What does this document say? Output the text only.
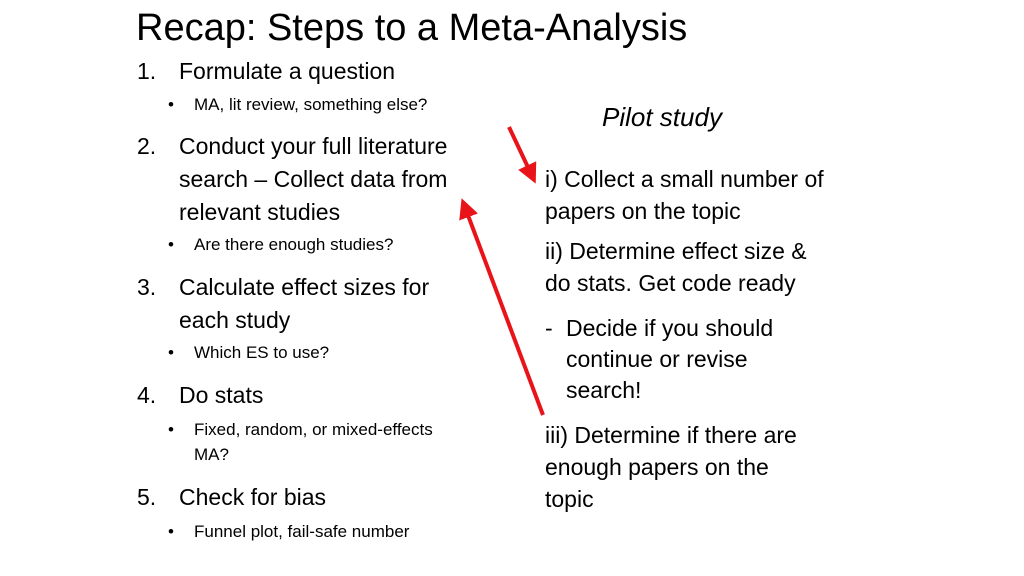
Recap: Steps to a Meta-Analysis
1. Formulate a question
• MA, lit review, something else?
2. Conduct your full literature
search – Collect data from
relevant studies
• Are there enough studies?
3. Calculate effect sizes for
each study
• Which ES to use?
4. Do stats
• Fixed, random, or mixed-effects
MA?
5. Check for bias
• Funnel plot, fail-safe number
Pilot study
i) Collect a small number of
papers on the topic
ii) Determine effect size &
do stats. Get code ready
- Decide if you should
continue or revise
search!
iii) Determine if there are
enough papers on the
topic
